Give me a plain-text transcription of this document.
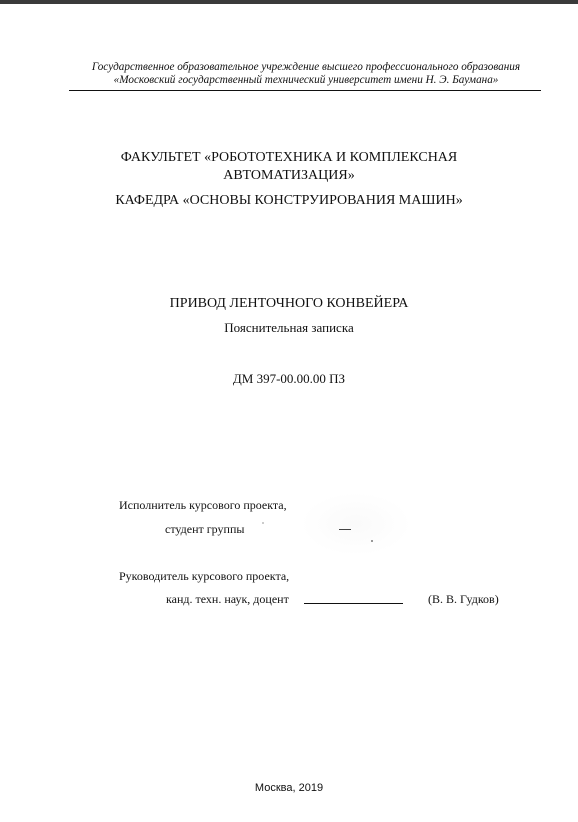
Государственное образовательное учреждение высшего профессионального образования
«Московский государственный технический университет имени Н. Э. Баумана»
ФАКУЛЬТЕТ «РОБОТОТЕХНИКА И КОМПЛЕКСНАЯ
АВТОМАТИЗАЦИЯ»
КАФЕДРА «ОСНОВЫ КОНСТРУИРОВАНИЯ МАШИН»
ПРИВОД ЛЕНТОЧНОГО КОНВЕЙЕРА
Пояснительная записка
ДМ 397-00.00.00 ПЗ
Исполнитель курсового проекта,
студент группы
Руководитель курсового проекта,
канд. техн. наук, доцент	(В. В. Гудков)
Москва, 2019
